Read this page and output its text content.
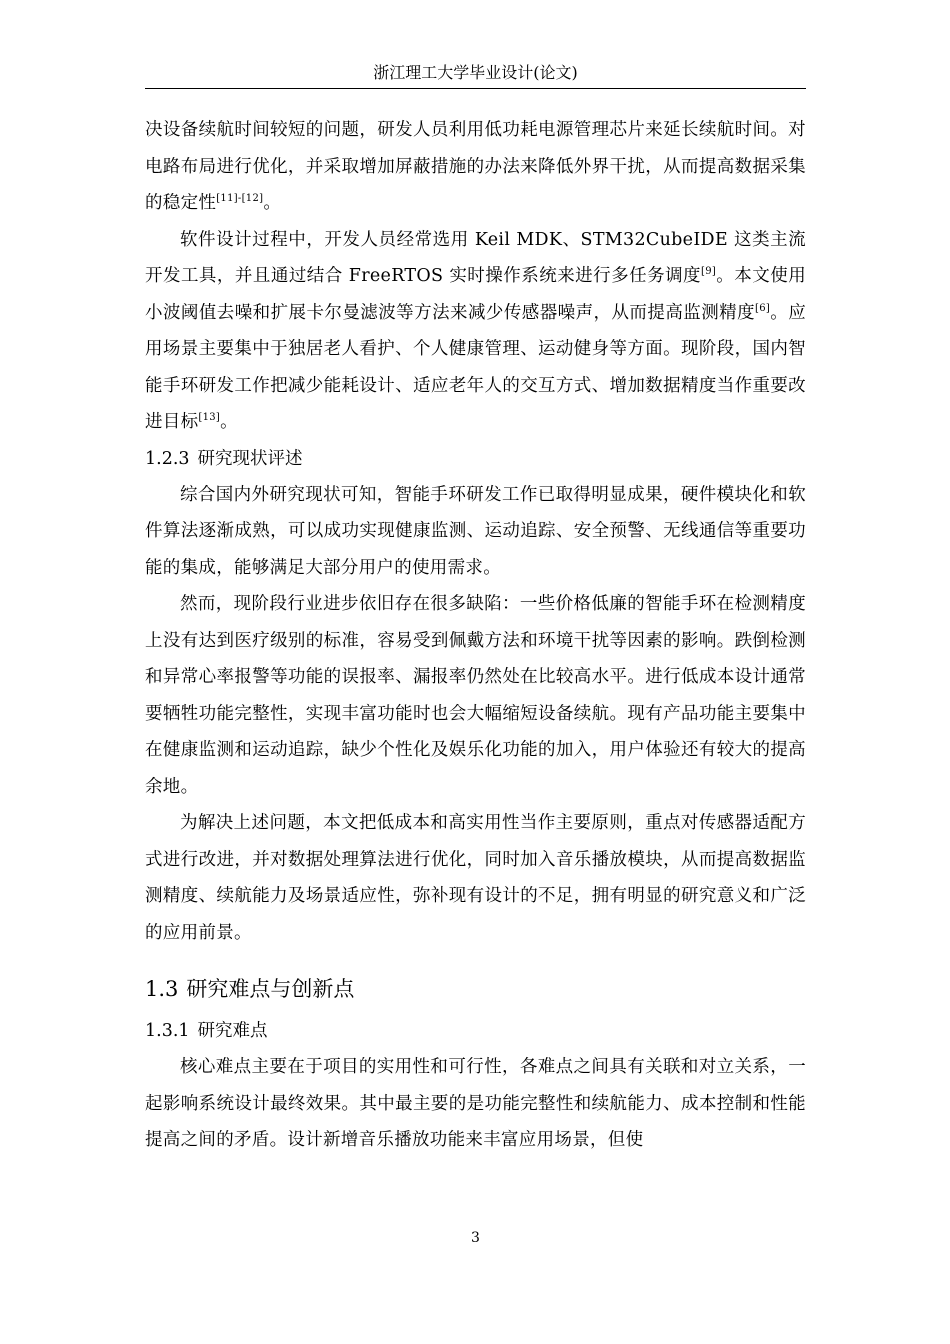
浙江理工大学毕业设计(论文)

决设备续航时间较短的问题，研发人员利用低功耗电源管理芯片来延长续航时间。对电路布局进行优化，并采取增加屏蔽措施的办法来降低外界干扰，从而提高数据采集的稳定性[11]-[12]。

软件设计过程中，开发人员经常选用 Keil MDK、STM32CubeIDE 这类主流开发工具，并且通过结合 FreeRTOS 实时操作系统来进行多任务调度[9]。本文使用小波阈值去噪和扩展卡尔曼滤波等方法来减少传感器噪声，从而提高监测精度[6]。应用场景主要集中于独居老人看护、个人健康管理、运动健身等方面。现阶段，国内智能手环研发工作把减少能耗设计、适应老年人的交互方式、增加数据精度当作重要改进目标[13]。

1.2.3 研究现状评述

综合国内外研究现状可知，智能手环研发工作已取得明显成果，硬件模块化和软件算法逐渐成熟，可以成功实现健康监测、运动追踪、安全预警、无线通信等重要功能的集成，能够满足大部分用户的使用需求。

然而，现阶段行业进步依旧存在很多缺陷：一些价格低廉的智能手环在检测精度上没有达到医疗级别的标准，容易受到佩戴方法和环境干扰等因素的影响。跌倒检测和异常心率报警等功能的误报率、漏报率仍然处在比较高水平。进行低成本设计通常要牺牲功能完整性，实现丰富功能时也会大幅缩短设备续航。现有产品功能主要集中在健康监测和运动追踪，缺少个性化及娱乐化功能的加入，用户体验还有较大的提高余地。

为解决上述问题，本文把低成本和高实用性当作主要原则，重点对传感器适配方式进行改进，并对数据处理算法进行优化，同时加入音乐播放模块，从而提高数据监测精度、续航能力及场景适应性，弥补现有设计的不足，拥有明显的研究意义和广泛的应用前景。

1.3 研究难点与创新点
1.3.1 研究难点

核心难点主要在于项目的实用性和可行性，各难点之间具有关联和对立关系，一起影响系统设计最终效果。其中最主要的是功能完整性和续航能力、成本控制和性能提高之间的矛盾。设计新增音乐播放功能来丰富应用场景，但使

3
